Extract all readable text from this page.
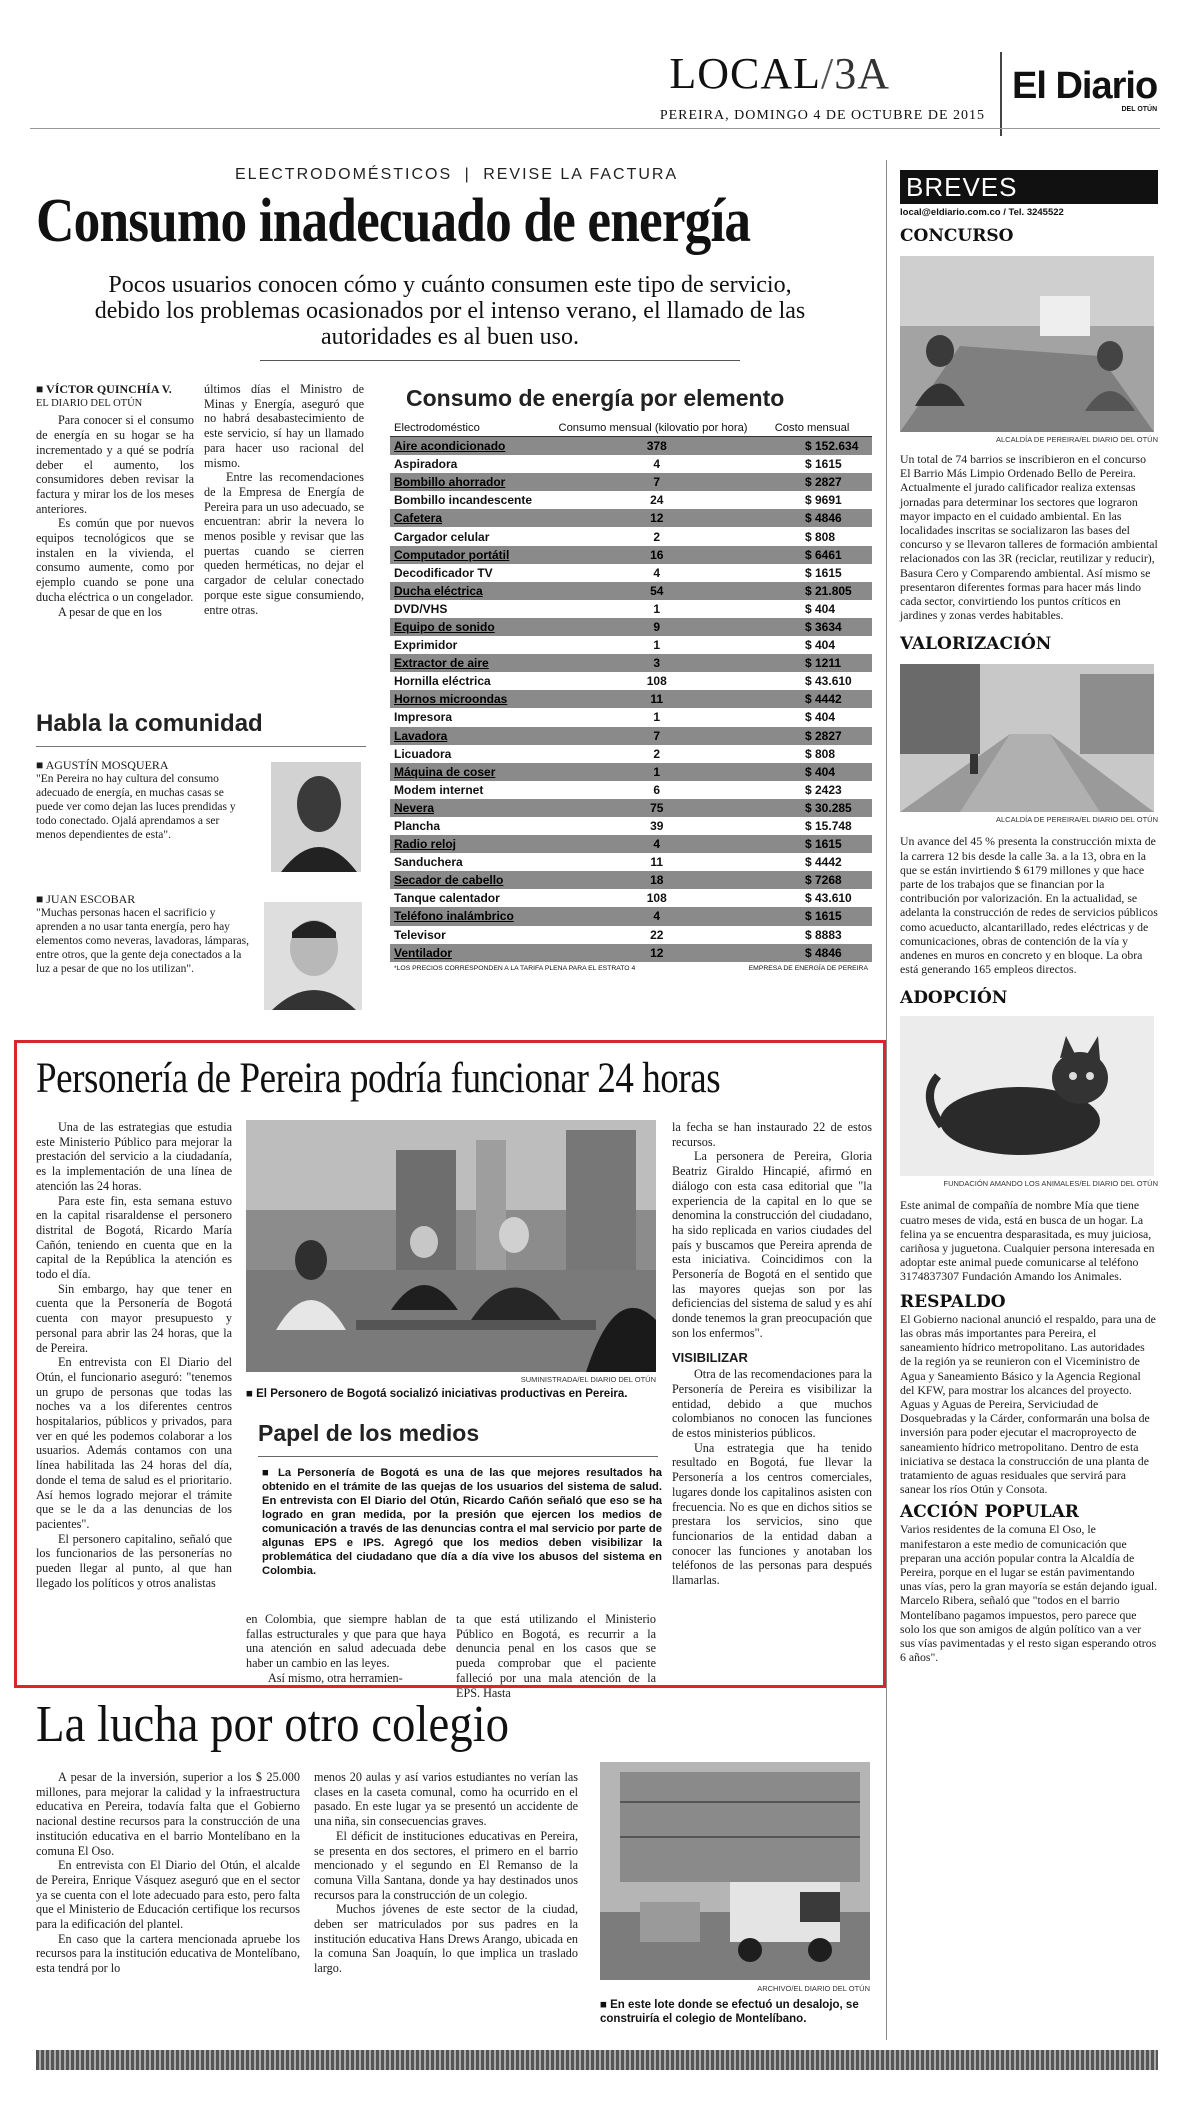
LOCAL/3A	El Diario
DEL OTÚN
PEREIRA, DOMINGO 4 DE OCTUBRE DE 2015
ELECTRODOMÉSTICOS | REVISE LA FACTURA
Consumo inadecuado de energía
Pocos usuarios conocen cómo y cuánto consumen este tipo de servicio, debido los problemas ocasionados por el intenso verano, el llamado de las autoridades es al buen uso.
■ VÍCTOR QUINCHÍA V.
EL DIARIO DEL OTÚN

Para conocer si el consumo de energía en su hogar se ha incrementado y a qué se podría deber el aumento, los consumidores deben revisar la factura y mirar los de los meses anteriores.

Es común que por nuevos equipos tecnológicos que se instalen en la vivienda, el consumo aumente, como por ejemplo cuando se pone una ducha eléctrica o un congelador.

A pesar de que en los

últimos días el Ministro de Minas y Energía, aseguró que no habrá desabastecimiento de este servicio, sí hay un llamado para hacer uso racional del mismo.

Entre las recomendaciones de la Empresa de Energía de Pereira para un uso adecuado, se encuentran: abrir la nevera lo menos posible y revisar que las puertas cuando se cierren queden herméticas, no dejar el cargador de celular conectado porque este sigue consumiendo, entre otras.

Habla la comunidad
■ AGUSTÍN MOSQUERA
"En Pereira no hay cultura del consumo adecuado de energía, en muchas casas se puede ver como dejan las luces prendidas y todo conectado. Ojalá aprendamos a ser menos dependientes de esta".
■ JUAN ESCOBAR
"Muchas personas hacen el sacrificio y aprenden a no usar tanta energía, pero hay elementos como neveras, lavadoras, lámparas, entre otros, que la gente deja conectados a la luz a pesar de que no los utilizan".
Consumo de energía por elemento
Electrodoméstico	Consumo mensual (kilovatio por hora)	Costo mensual
Aire acondicionado	378	$ 152.634
Aspiradora	4	$ 1615
Bombillo ahorrador	7	$ 2827
Bombillo incandescente	24	$ 9691
Cafetera	12	$ 4846
Cargador celular	2	$ 808
Computador portátil	16	$ 6461
Decodificador TV	4	$ 1615
Ducha eléctrica	54	$ 21.805
DVD/VHS	1	$ 404
Equipo de sonido	9	$ 3634
Exprimidor	1	$ 404
Extractor de aire	3	$ 1211
Hornilla eléctrica	108	$ 43.610
Hornos microondas	11	$ 4442
Impresora	1	$ 404
Lavadora	7	$ 2827
Licuadora	2	$ 808
Máquina de coser	1	$ 404
Modem internet	6	$ 2423
Nevera	75	$ 30.285
Plancha	39	$ 15.748
Radio reloj	4	$ 1615
Sanduchera	11	$ 4442
Secador de cabello	18	$ 7268
Tanque calentador	108	$ 43.610
Teléfono inalámbrico	4	$ 1615
Televisor	22	$ 8883
Ventilador	12	$ 4846
*LOS PRECIOS CORRESPONDEN A LA TARIFA PLENA PARA EL ESTRATO 4	EMPRESA DE ENERGÍA DE PEREIRA
Personería de Pereira podría funcionar 24 horas

Una de las estrategias que estudia este Ministerio Público para mejorar la prestación del servicio a la ciudadanía, es la implementación de una línea de atención las 24 horas.

Para este fin, esta semana estuvo en la capital risaraldense el personero distrital de Bogotá, Ricardo María Cañón, teniendo en cuenta que en la capital de la República la atención es todo el día.

Sin embargo, hay que tener en cuenta que la Personería de Bogotá cuenta con mayor presupuesto y personal para abrir las 24 horas, que la de Pereira.

En entrevista con El Diario del Otún, el funcionario aseguró: "tenemos un grupo de personas que todas las noches va a los diferentes centros hospitalarios, públicos y privados, para ver en qué les podemos colaborar a los usuarios. Además contamos con una línea habilitada las 24 horas del día, donde el tema de salud es el prioritario. Así hemos logrado mejorar el trámite que se le da a las denuncias de los pacientes".

El personero capitalino, señaló que los funcionarios de las personerías no pueden llegar al punto, al que han llegado los políticos y otros analistas

SUMINISTRADA/EL DIARIO DEL OTÚN
■ El Personero de Bogotá socializó iniciativas productivas en Pereira.
Papel de los medios
■ La Personería de Bogotá es una de las que mejores resultados ha obtenido en el trámite de las quejas de los usuarios del sistema de salud. En entrevista con El Diario del Otún, Ricardo Cañón señaló que eso se ha logrado en gran medida, por la presión que ejercen los medios de comunicación a través de las denuncias contra el mal servicio por parte de algunas EPS e IPS. Agregó que los medios deben visibilizar la problemática del ciudadano que día a día vive los abusos del sistema en Colombia.

en Colombia, que siempre hablan de fallas estructurales y que para que haya una atención en salud adecuada debe haber un cambio en las leyes.

Así mismo, otra herramien-

ta que está utilizando el Ministerio Público en Bogotá, es recurrir a la denuncia penal en los casos que se pueda comprobar que el paciente falleció por una mala atención de la EPS. Hasta

la fecha se han instaurado 22 de estos recursos.

La personera de Pereira, Gloria Beatriz Giraldo Hincapié, afirmó en diálogo con esta casa editorial que "la experiencia de la capital en lo que se denomina la construcción del ciudadano, ha sido replicada en varios ciudades del país y buscamos que Pereira aprenda de esta iniciativa. Coincidimos con la Personería de Bogotá en el sentido que las mayores quejas son por las deficiencias del sistema de salud y es ahí donde tenemos la gran preocupación que son los enfermos".

VISIBILIZAR

Otra de las recomendaciones para la Personería de Pereira es visibilizar la entidad, debido a que muchos colombianos no conocen las funciones de estos ministerios públicos.

Una estrategia que ha tenido resultado en Bogotá, fue llevar la Personería a los centros comerciales, lugares donde los capitalinos asisten con frecuencia. No es que en dichos sitios se prestara los servicios, sino que funcionarios de la entidad daban a conocer las funciones y anotaban los teléfonos de las personas para después llamarlas.

La lucha por otro colegio

A pesar de la inversión, superior a los $ 25.000 millones, para mejorar la calidad y la infraestructura educativa en Pereira, todavía falta que el Gobierno nacional destine recursos para la construcción de una institución educativa en el barrio Montelíbano en la comuna El Oso.

En entrevista con El Diario del Otún, el alcalde de Pereira, Enrique Vásquez aseguró que en el sector ya se cuenta con el lote adecuado para esto, pero falta que el Ministerio de Educación certifique los recursos para la edificación del plantel.

En caso que la cartera mencionada apruebe los recursos para la institución educativa de Montelíbano, esta tendrá por lo

menos 20 aulas y así varios estudiantes no verían las clases en la caseta comunal, como ha ocurrido en el pasado. En este lugar ya se presentó un accidente de una niña, sin consecuencias graves.

El déficit de instituciones educativas en Pereira, se presenta en dos sectores, el primero en el barrio mencionado y el segundo en El Remanso de la comuna Villa Santana, donde ya hay destinados unos recursos para la construcción de un colegio.

Muchos jóvenes de este sector de la ciudad, deben ser matriculados por sus padres en la institución educativa Hans Drews Arango, ubicada en la comuna San Joaquín, lo que implica un traslado largo.

ARCHIVO/EL DIARIO DEL OTÚN
■ En este lote donde se efectuó un desalojo, se construiría el colegio de Montelíbano.
BREVES
local@eldiario.com.co / Tel. 3245522
CONCURSO
ALCALDÍA DE PEREIRA/EL DIARIO DEL OTÚN
Un total de 74 barrios se inscribieron en el concurso El Barrio Más Limpio Ordenado Bello de Pereira. Actualmente el jurado calificador realiza extensas jornadas para determinar los sectores que lograron mayor impacto en el cuidado ambiental. En las localidades inscritas se socializaron las bases del concurso y se llevaron talleres de formación ambiental relacionados con las 3R (reciclar, reutilizar y reducir), Basura Cero y Comparendo ambiental. Así mismo se presentaron diferentes formas para hacer más lindo cada sector, convirtiendo los puntos críticos en jardines y zonas verdes habitables.
VALORIZACIÓN
ALCALDÍA DE PEREIRA/EL DIARIO DEL OTÚN
Un avance del 45 % presenta la construcción mixta de la carrera 12 bis desde la calle 3a. a la 13, obra en la que se están invirtiendo $ 6179 millones y que hace parte de los trabajos que se financian por la contribución por valorización. En la actualidad, se adelanta la construcción de redes de servicios públicos como acueducto, alcantarillado, redes eléctricas y de comunicaciones, obras de contención de la vía y andenes en muros en concreto y en bloque. La obra está generando 165 empleos directos.
ADOPCIÓN
FUNDACIÓN AMANDO LOS ANIMALES/EL DIARIO DEL OTÚN
Este animal de compañía de nombre Mía que tiene cuatro meses de vida, está en busca de un hogar. La felina ya se encuentra desparasitada, es muy juiciosa, cariñosa y juguetona. Cualquier persona interesada en adoptar este animal puede comunicarse al teléfono 3174837307 Fundación Amando los Animales.
RESPALDO
El Gobierno nacional anunció el respaldo, para una de las obras más importantes para Pereira, el saneamiento hídrico metropolitano. Las autoridades de la región ya se reunieron con el Viceministro de Agua y Saneamiento Básico y la Agencia Regional del KFW, para mostrar los alcances del proyecto. Aguas y Aguas de Pereira, Serviciudad de Dosquebradas y la Cárder, conformarán una bolsa de inversión para poder ejecutar el macroproyecto de saneamiento hídrico metropolitano. Dentro de esta iniciativa se destaca la construcción de una planta de tratamiento de aguas residuales que servirá para sanear los ríos Otún y Consota.
ACCIÓN POPULAR
Varios residentes de la comuna El Oso, le manifestaron a este medio de comunicación que preparan una acción popular contra la Alcaldía de Pereira, porque en el lugar se están pavimentando unas vías, pero la gran mayoría se están dejando igual. Marcelo Ribera, señaló que "todos en el barrio Montelíbano pagamos impuestos, pero parece que solo los que son amigos de algún político van a ver sus vías pavimentadas y el resto sigan esperando otros 6 años".
